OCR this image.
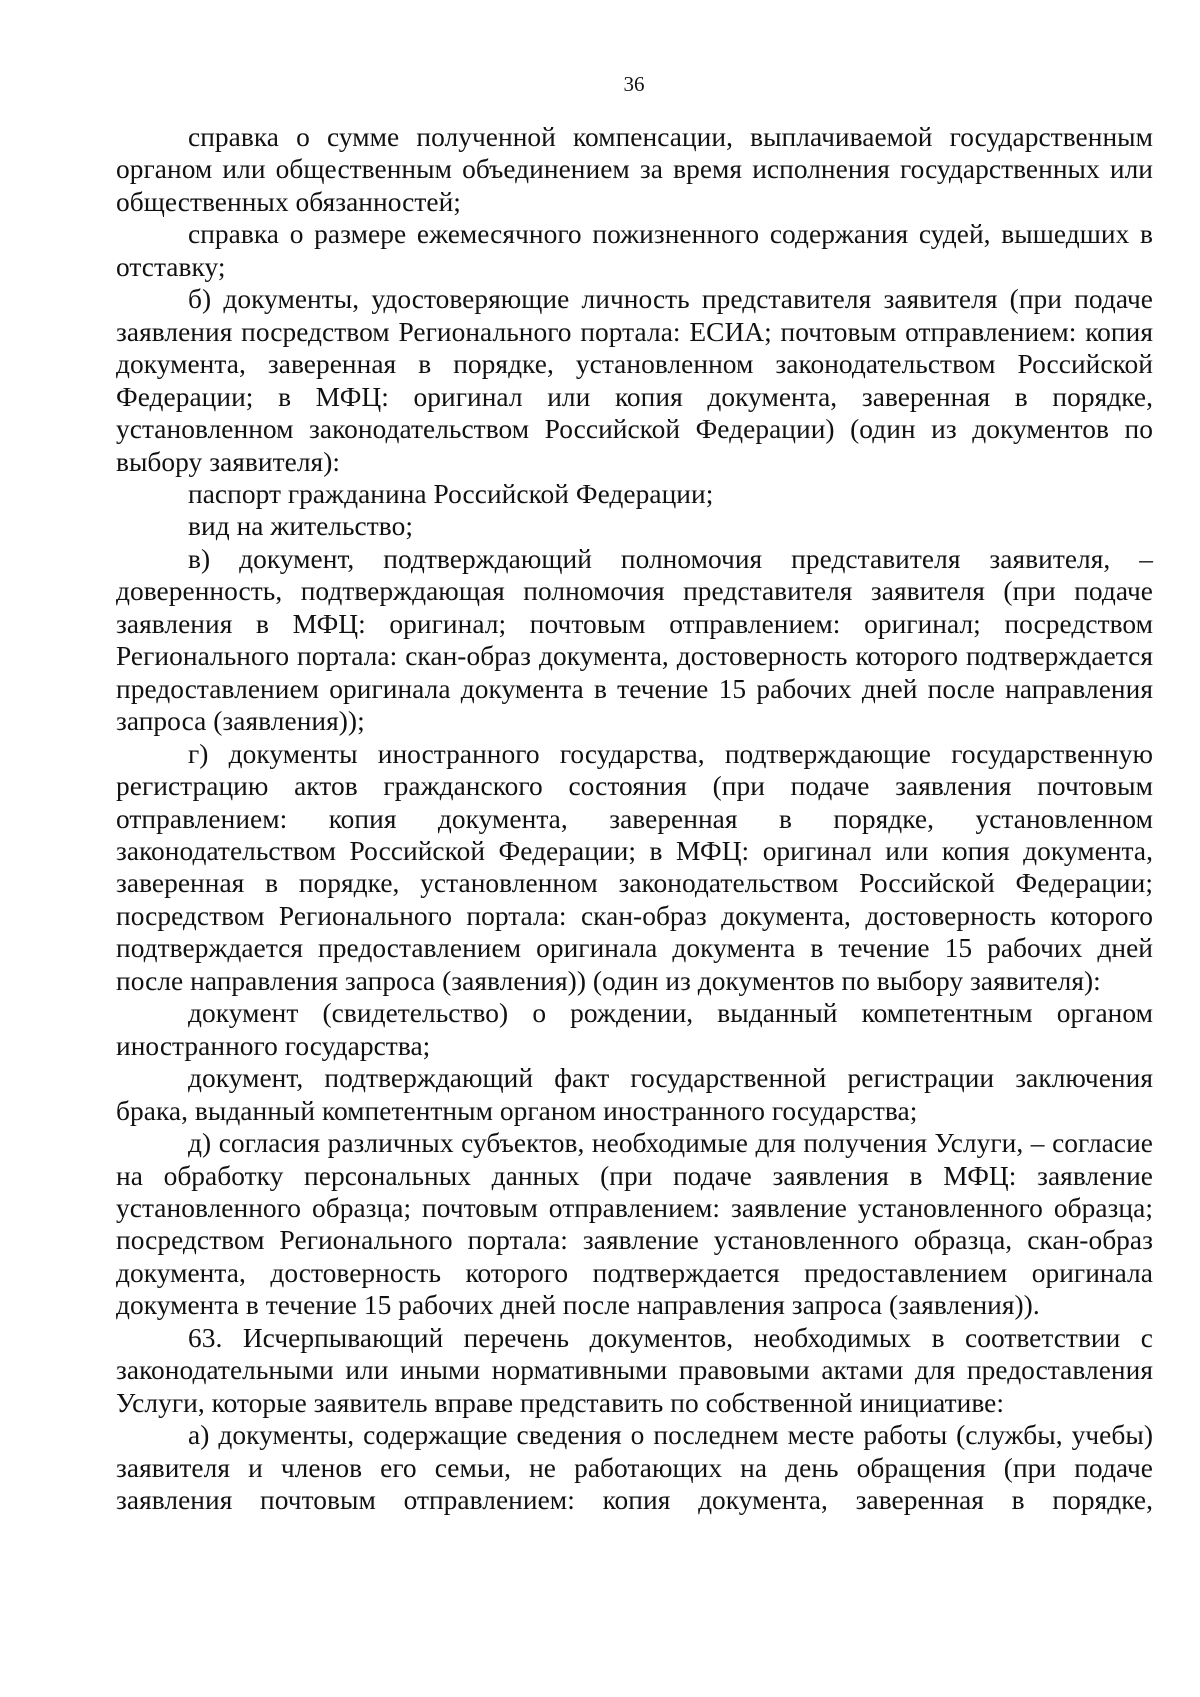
36

справка о сумме полученной компенсации, выплачиваемой государственным органом или общественным объединением за время исполнения государственных или общественных обязанностей;

справка о размере ежемесячного пожизненного содержания судей, вышедших в отставку;

б) документы, удостоверяющие личность представителя заявителя (при подаче заявления посредством Регионального портала: ЕСИА; почтовым отправлением: копия документа, заверенная в порядке, установленном законодательством Российской Федерации; в МФЦ: оригинал или копия документа, заверенная в порядке, установленном законодательством Российской Федерации) (один из документов по выбору заявителя):

паспорт гражданина Российской Федерации;

вид на жительство;

в) документ, подтверждающий полномочия представителя заявителя, – доверенность, подтверждающая полномочия представителя заявителя (при подаче заявления в МФЦ: оригинал; почтовым отправлением: оригинал; посредством Регионального портала: скан-образ документа, достоверность которого подтверждается предоставлением оригинала документа в течение 15 рабочих дней после направления запроса (заявления));

г) документы иностранного государства, подтверждающие государственную регистрацию актов гражданского состояния (при подаче заявления почтовым отправлением: копия документа, заверенная в порядке, установленном законодательством Российской Федерации; в МФЦ: оригинал или копия документа, заверенная в порядке, установленном законодательством Российской Федерации; посредством Регионального портала: скан-образ документа, достоверность которого подтверждается предоставлением оригинала документа в течение 15 рабочих дней после направления запроса (заявления)) (один из документов по выбору заявителя):

документ (свидетельство) о рождении, выданный компетентным органом иностранного государства;

документ, подтверждающий факт государственной регистрации заключения брака, выданный компетентным органом иностранного государства;

д) согласия различных субъектов, необходимые для получения Услуги, – согласие на обработку персональных данных (при подаче заявления в МФЦ: заявление установленного образца; почтовым отправлением: заявление установленного образца; посредством Регионального портала: заявление установленного образца, скан-образ документа, достоверность которого подтверждается предоставлением оригинала документа в течение 15 рабочих дней после направления запроса (заявления)).

63. Исчерпывающий перечень документов, необходимых в соответствии с законодательными или иными нормативными правовыми актами для предоставления Услуги, которые заявитель вправе представить по собственной инициативе:

а) документы, содержащие сведения о последнем месте работы (службы, учебы) заявителя и членов его семьи, не работающих на день обращения (при подаче заявления почтовым отправлением: копия документа, заверенная в порядке,
